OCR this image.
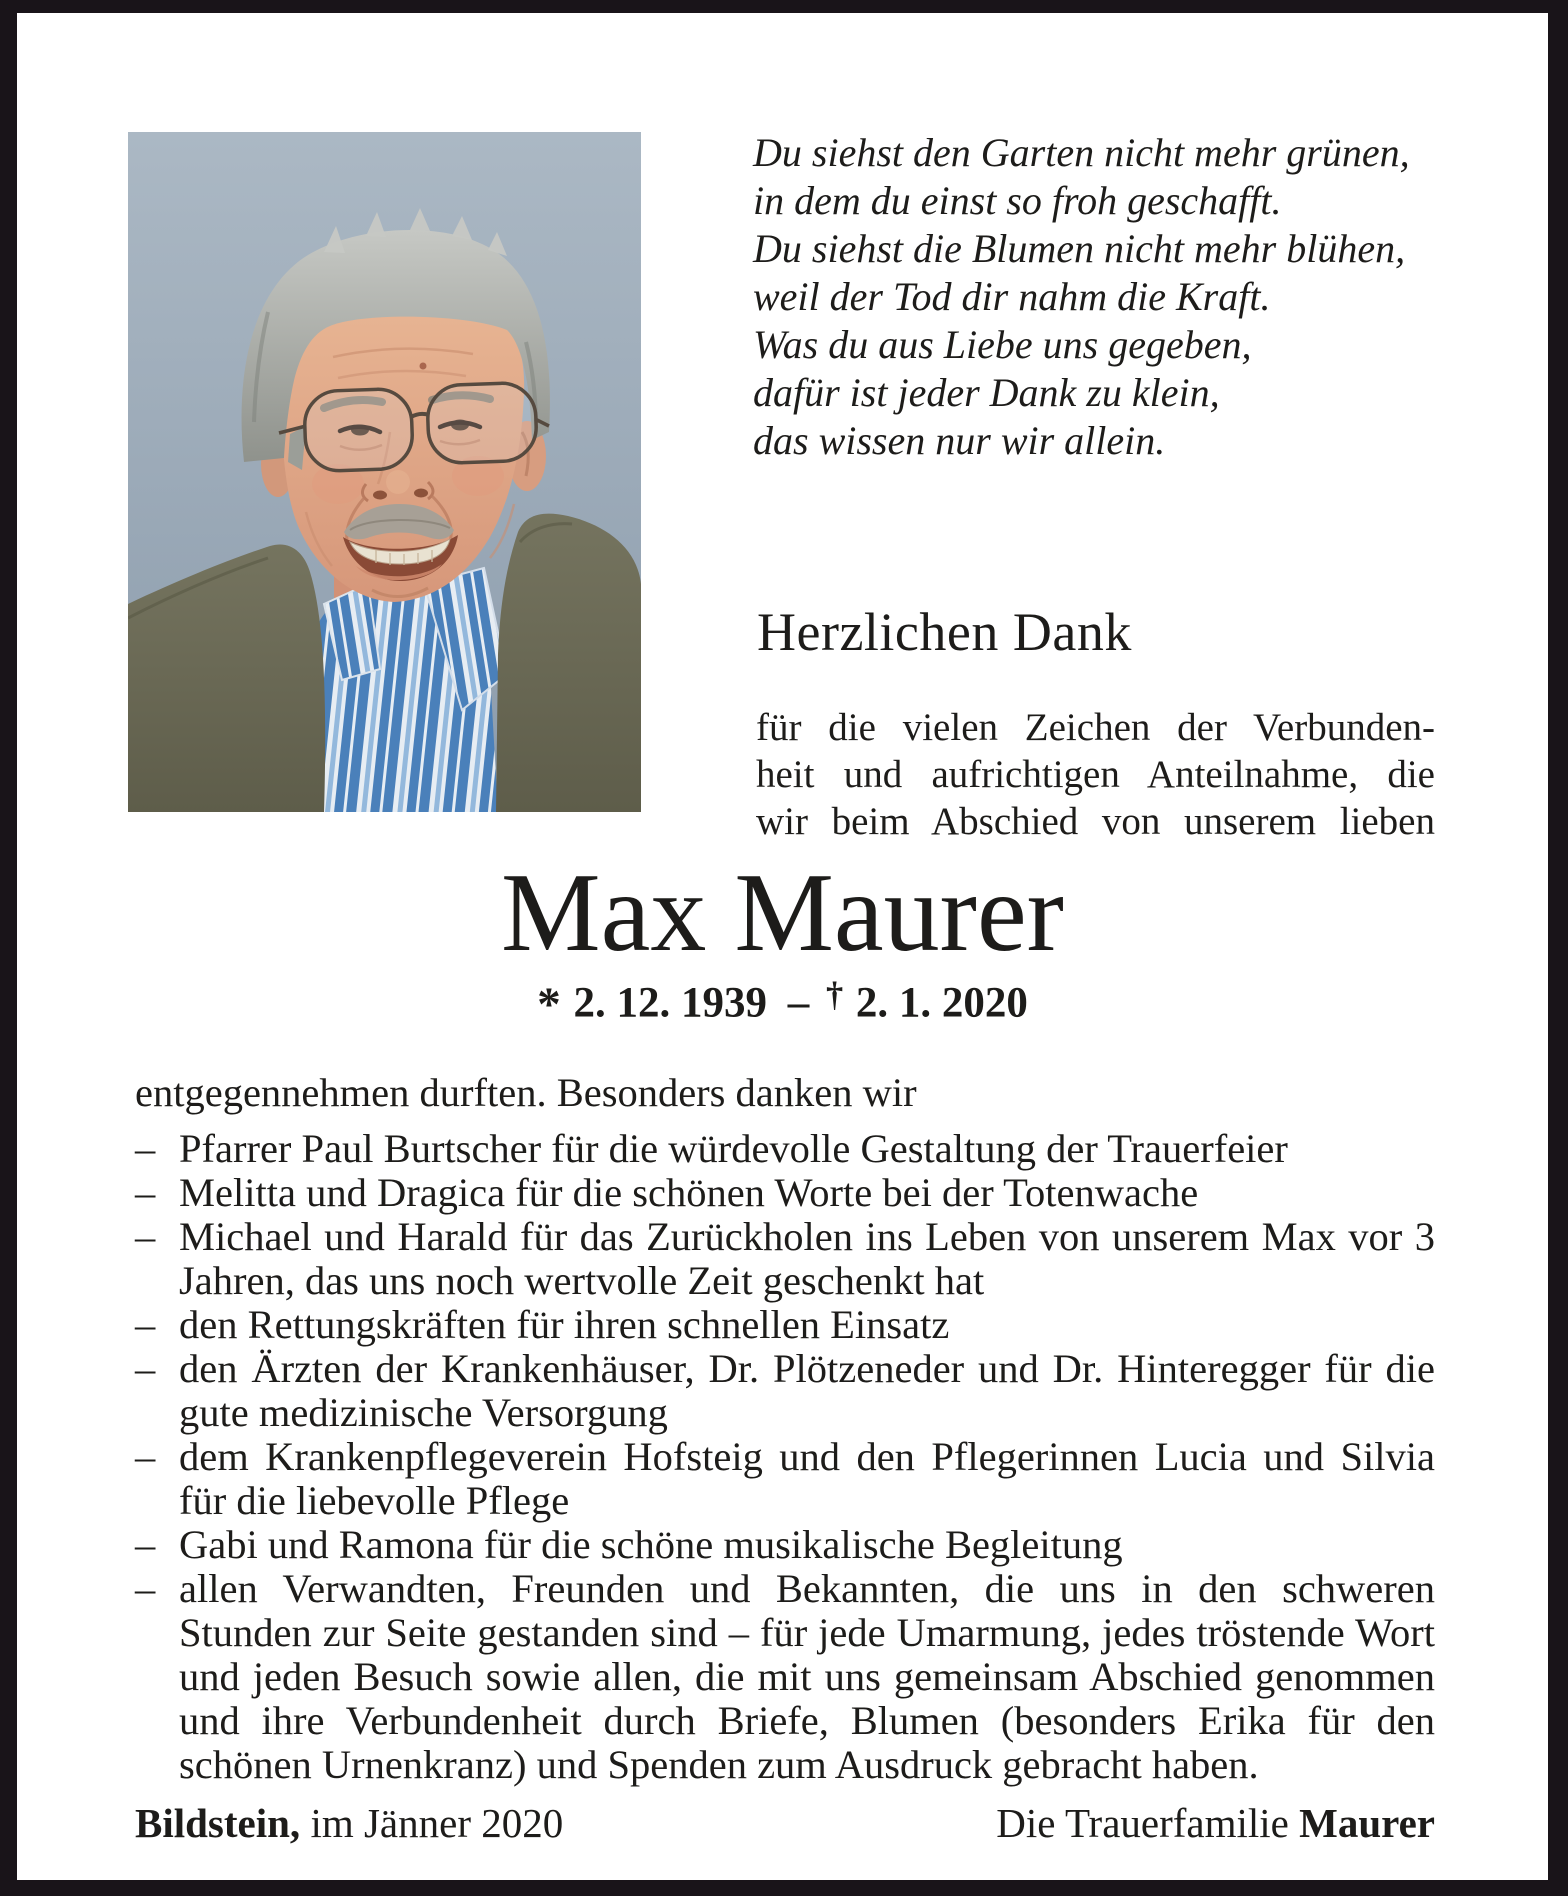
Du siehst den Garten nicht mehr grünen,
in dem du einst so froh geschafft.
Du siehst die Blumen nicht mehr blühen,
weil der Tod dir nahm die Kraft.
Was du aus Liebe uns gegeben,
dafür ist jeder Dank zu klein,
das wissen nur wir allein.
Herzlichen Dank
für die vielen Zeichen der Verbunden-
heit und aufrichtigen Anteilnahme, die
wir beim Abschied von unserem lieben
Max Maurer
* 2. 12. 1939 – † 2. 1. 2020
entgegennehmen durften. Besonders danken wir
– Pfarrer Paul Burtscher für die würdevolle Gestaltung der Trauerfeier
– Melitta und Dragica für die schönen Worte bei der Totenwache
– Michael und Harald für das Zurückholen ins Leben von unserem Max vor 3 Jahren, das uns noch wertvolle Zeit geschenkt hat
– den Rettungskräften für ihren schnellen Einsatz
– den Ärzten der Krankenhäuser, Dr. Plötzeneder und Dr. Hinteregger für die gute medizinische Versorgung
– dem Krankenpflegeverein Hofsteig und den Pflegerinnen Lucia und Silvia für die liebevolle Pflege
– Gabi und Ramona für die schöne musikalische Begleitung
– allen Verwandten, Freunden und Bekannten, die uns in den schweren Stunden zur Seite gestanden sind – für jede Umarmung, jedes tröstende Wort und jeden Besuch sowie allen, die mit uns gemeinsam Abschied genommen und ihre Verbundenheit durch Briefe, Blumen (besonders Erika für den schönen Urnenkranz) und Spenden zum Ausdruck gebracht haben.
Bildstein, im Jänner 2020	Die Trauerfamilie Maurer
